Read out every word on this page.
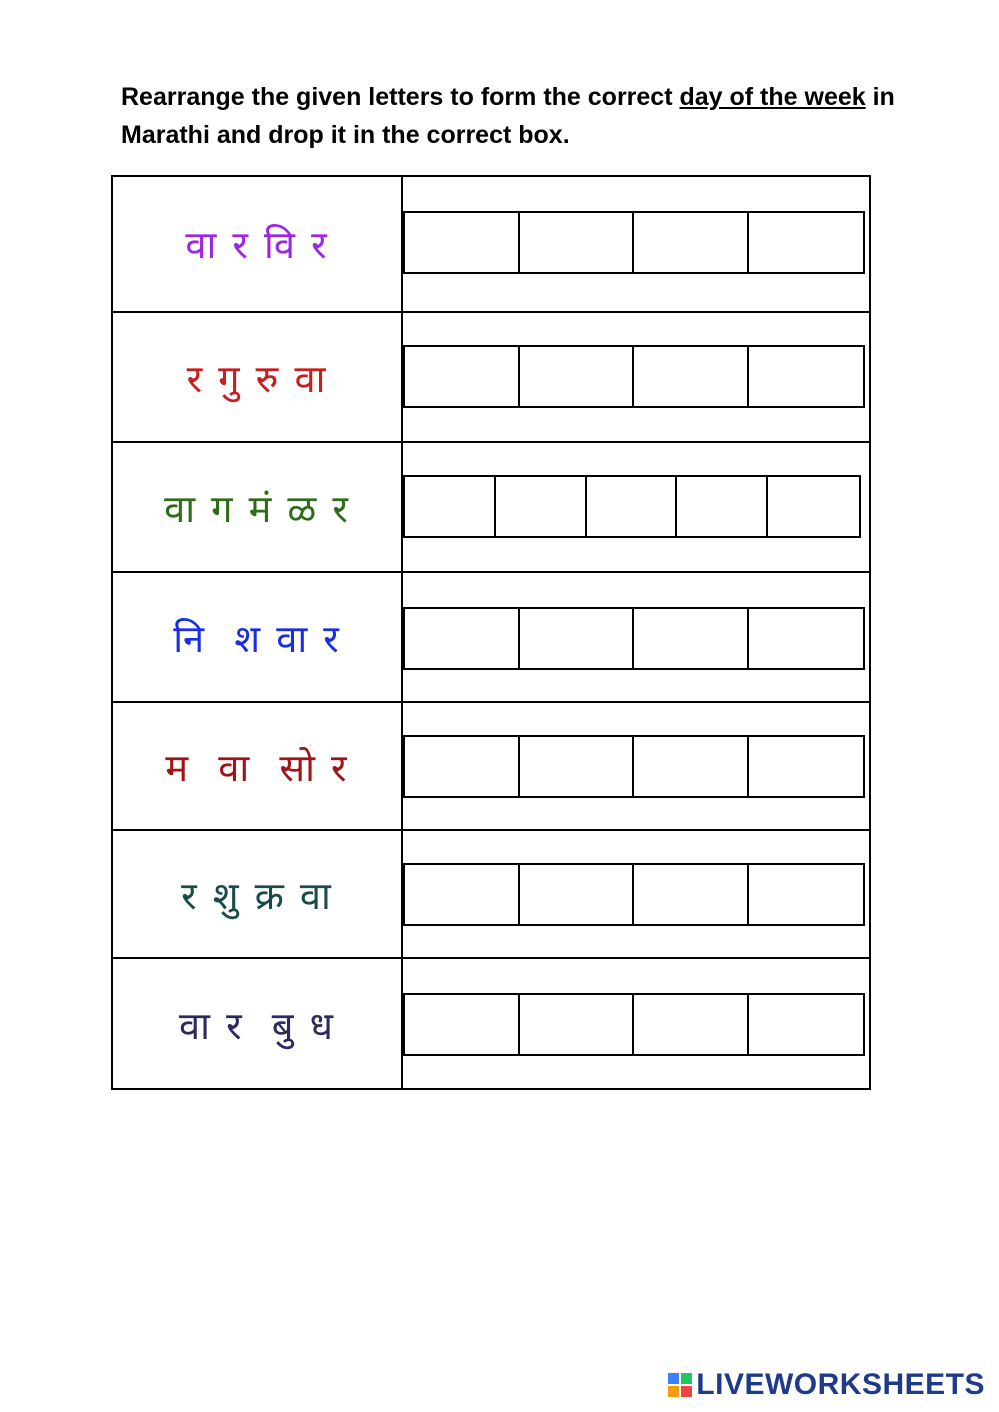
Rearrange the given letters to form the correct day of the week in Marathi and drop it in the correct box.
वा र वि र
र गु रु वा
वा ग मं ळ र
नि  श वा र
म  वा  सो र
र शु क्र वा
वा र  बु ध
LIVEWORKSHEETS
